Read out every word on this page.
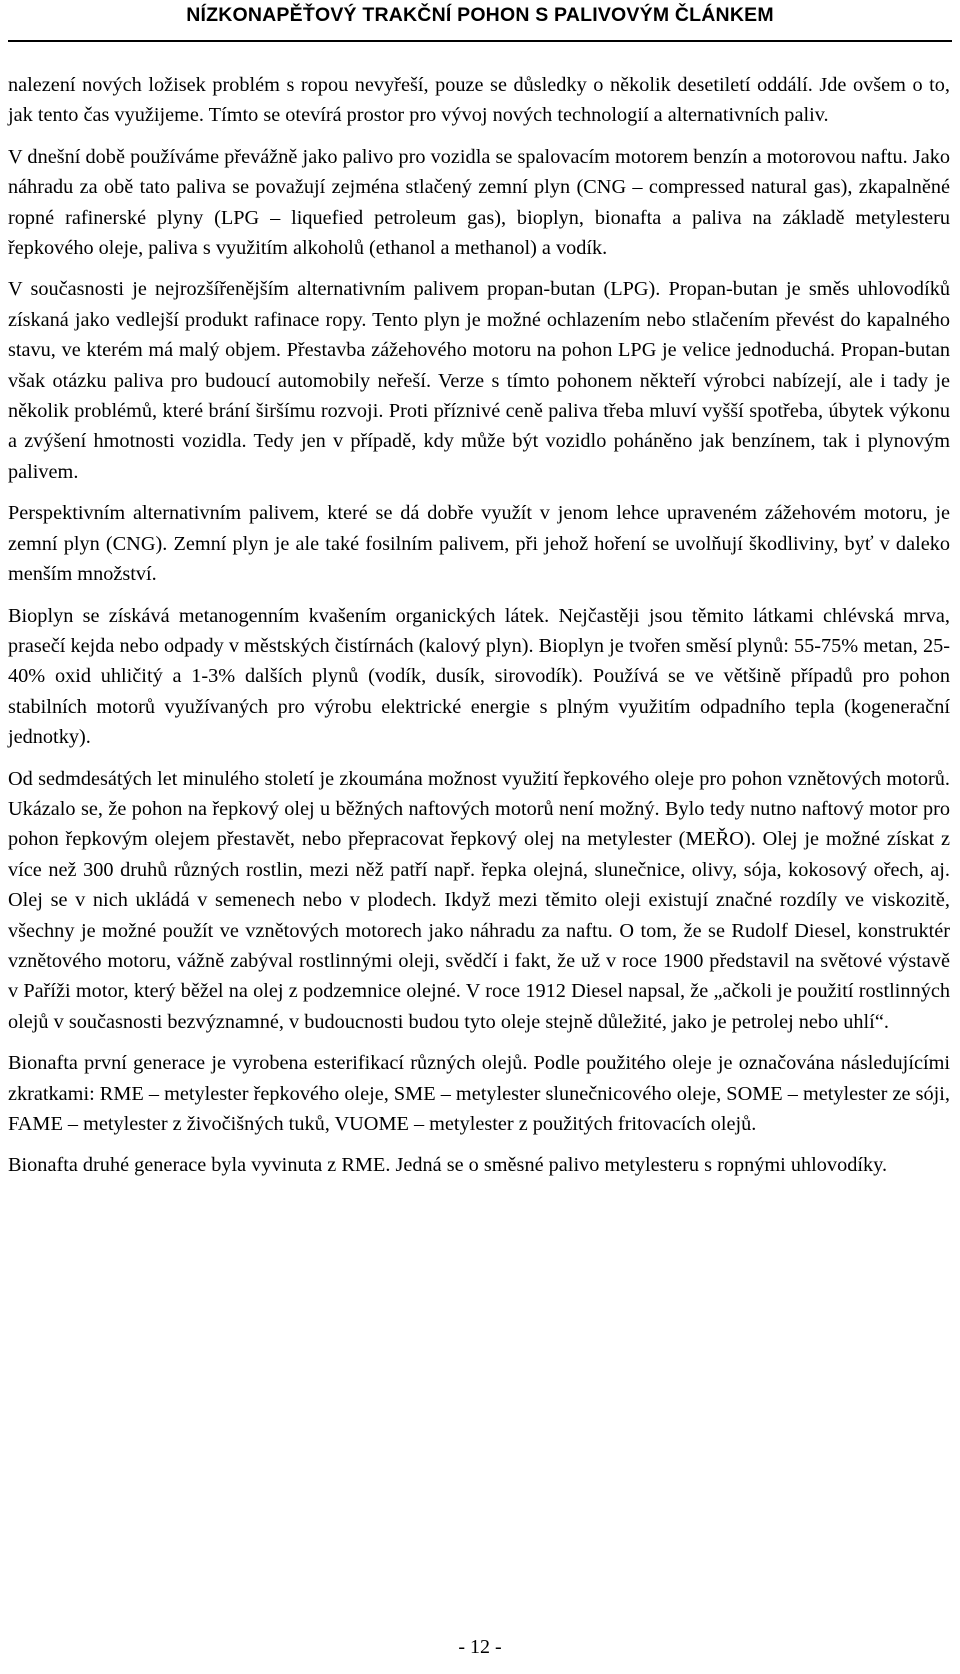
NÍZKONAPĚŤOVÝ TRAKČNÍ POHON S PALIVOVÝM ČLÁNKEM

nalezení nových ložisek problém s ropou nevyřeší, pouze se důsledky o několik desetiletí oddálí. Jde ovšem o to, jak tento čas využijeme. Tímto se otevírá prostor pro vývoj nových technologií a alternativních paliv.

V dnešní době používáme převážně jako palivo pro vozidla se spalovacím motorem benzín a motorovou naftu. Jako náhradu za obě tato paliva se považují zejména stlačený zemní plyn (CNG – compressed natural gas), zkapalněné ropné rafinerské plyny (LPG – liquefied petroleum gas), bioplyn, bionafta a paliva na základě metylesteru řepkového oleje, paliva s využitím alkoholů (ethanol a methanol) a vodík.

V současnosti je nejrozšířenějším alternativním palivem propan-butan (LPG). Propan-butan je směs uhlovodíků získaná jako vedlejší produkt rafinace ropy. Tento plyn je možné ochlazením nebo stlačením převést do kapalného stavu, ve kterém má malý objem. Přestavba zážehového motoru na pohon LPG je velice jednoduchá. Propan-butan však otázku paliva pro budoucí automobily neřeší. Verze s tímto pohonem někteří výrobci nabízejí, ale i tady je několik problémů, které brání širšímu rozvoji. Proti příznivé ceně paliva třeba mluví vyšší spotřeba, úbytek výkonu a zvýšení hmotnosti vozidla. Tedy jen v případě, kdy může být vozidlo poháněno jak benzínem, tak i plynovým palivem.

Perspektivním alternativním palivem, které se dá dobře využít v jenom lehce upraveném zážehovém motoru, je zemní plyn (CNG). Zemní plyn je ale také fosilním palivem, při jehož hoření se uvolňují škodliviny, byť v daleko menším množství.

Bioplyn se získává metanogenním kvašením organických látek. Nejčastěji jsou těmito látkami chlévská mrva, prasečí kejda nebo odpady v městských čistírnách (kalový plyn). Bioplyn je tvořen směsí plynů: 55-75% metan, 25-40% oxid uhličitý a 1-3% dalších plynů (vodík, dusík, sirovodík). Používá se ve většině případů pro pohon stabilních motorů využívaných pro výrobu elektrické energie s plným využitím odpadního tepla (kogenerační jednotky).

Od sedmdesátých let minulého století je zkoumána možnost využití řepkového oleje pro pohon vznětových motorů. Ukázalo se, že pohon na řepkový olej u běžných naftových motorů není možný. Bylo tedy nutno naftový motor pro pohon řepkovým olejem přestavět, nebo přepracovat řepkový olej na metylester (MEŘO). Olej je možné získat z více než 300 druhů různých rostlin, mezi něž patří např. řepka olejná, slunečnice, olivy, sója, kokosový ořech, aj. Olej se v nich ukládá v semenech nebo v plodech. Ikdyž mezi těmito oleji existují značné rozdíly ve viskozitě, všechny je možné použít ve vznětových motorech jako náhradu za naftu. O tom, že se Rudolf Diesel, konstruktér vznětového motoru, vážně zabýval rostlinnými oleji, svědčí i fakt, že už v roce 1900 představil na světové výstavě v Paříži motor, který běžel na olej z podzemnice olejné. V roce 1912 Diesel napsal, že „ačkoli je použití rostlinných olejů v současnosti bezvýznamné, v budoucnosti budou tyto oleje stejně důležité, jako je petrolej nebo uhlí“.

Bionafta první generace je vyrobena esterifikací různých olejů. Podle použitého oleje je označována následujícími zkratkami: RME – metylester řepkového oleje, SME – metylester slunečnicového oleje, SOME – metylester ze sóji, FAME – metylester z živočišných tuků, VUOME – metylester z použitých fritovacích olejů.

Bionafta druhé generace byla vyvinuta z RME. Jedná se o směsné palivo metylesteru s ropnými uhlovodíky.

- 12 -
